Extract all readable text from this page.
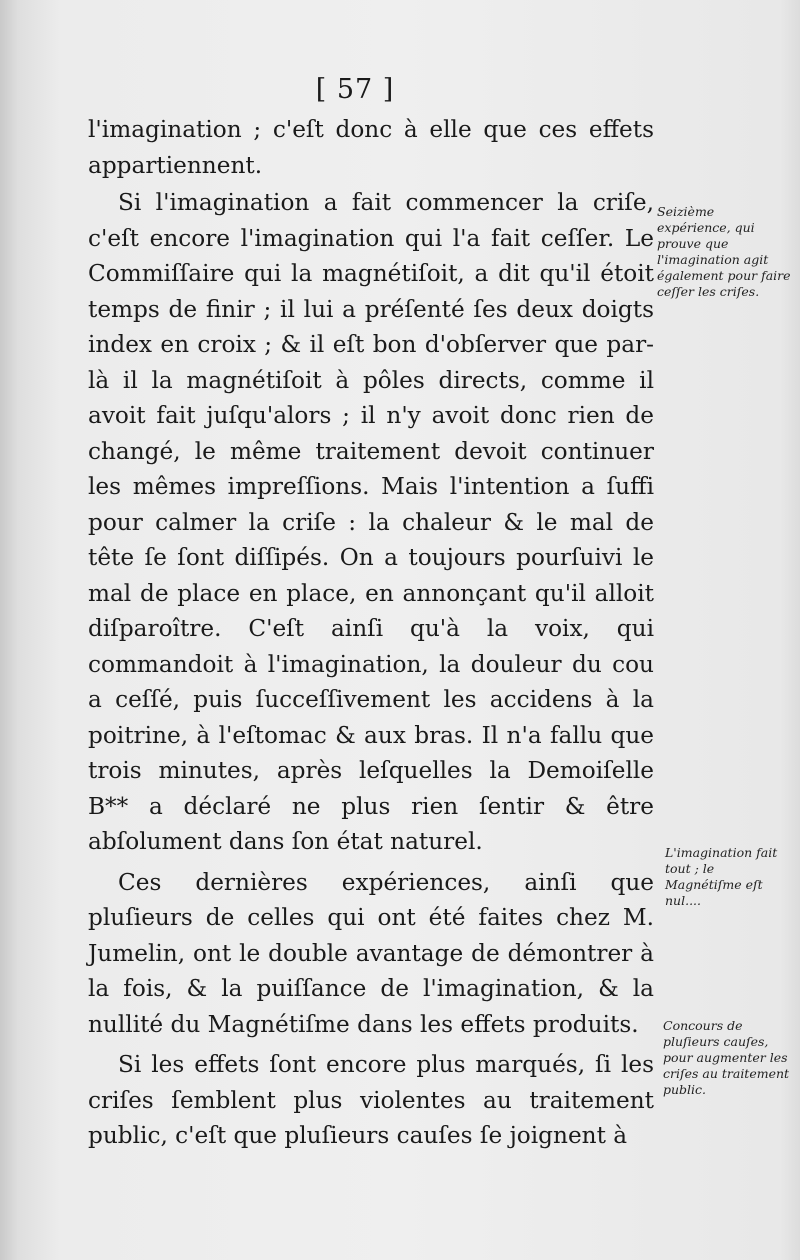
[ 57 ]

l'imagination ; c'eſt donc à elle que ces effets appartiennent.

Si l'imagination a fait commencer la criſe, c'eſt encore l'imagination qui l'a fait ceſſer. Le Commiſſaire qui la magnétiſoit, a dit qu'il étoit temps de finir ; il lui a préſenté ſes deux doigts index en croix ; & il eſt bon d'obſerver que par-là il la magnétiſoit à pôles directs, comme il avoit fait juſqu'alors ; il n'y avoit donc rien de changé, le même traitement devoit continuer les mêmes impreſſions. Mais l'intention a ſuffi pour calmer la criſe : la chaleur & le mal de tête ſe ſont diſſipés. On a toujours pourſuivi le mal de place en place, en annonçant qu'il alloit diſparoître. C'eſt ainſi qu'à la voix, qui commandoit à l'imagination, la douleur du cou a ceſſé, puis ſucceſſivement les accidens à la poitrine, à l'eſtomac & aux bras. Il n'a fallu que trois minutes, après leſquelles la Demoiſelle B** a déclaré ne plus rien ſentir & être abſolument dans ſon état naturel.

Ces dernières expériences, ainſi que pluſieurs de celles qui ont été faites chez M. Jumelin, ont le double avantage de démontrer à la fois, & la puiſſance de l'imagination, & la nullité du Magnétiſme dans les effets produits.

Si les effets ſont encore plus marqués, ſi les criſes ſemblent plus violentes au traitement public, c'eſt que pluſieurs cauſes ſe joignent à

Seizième expérience, qui prouve que l'imagination agit également pour faire ceſſer les criſes.
L'imagination fait tout ; le Magnétiſme eſt nul....
Concours de pluſieurs cauſes, pour augmenter les criſes au traitement public.
